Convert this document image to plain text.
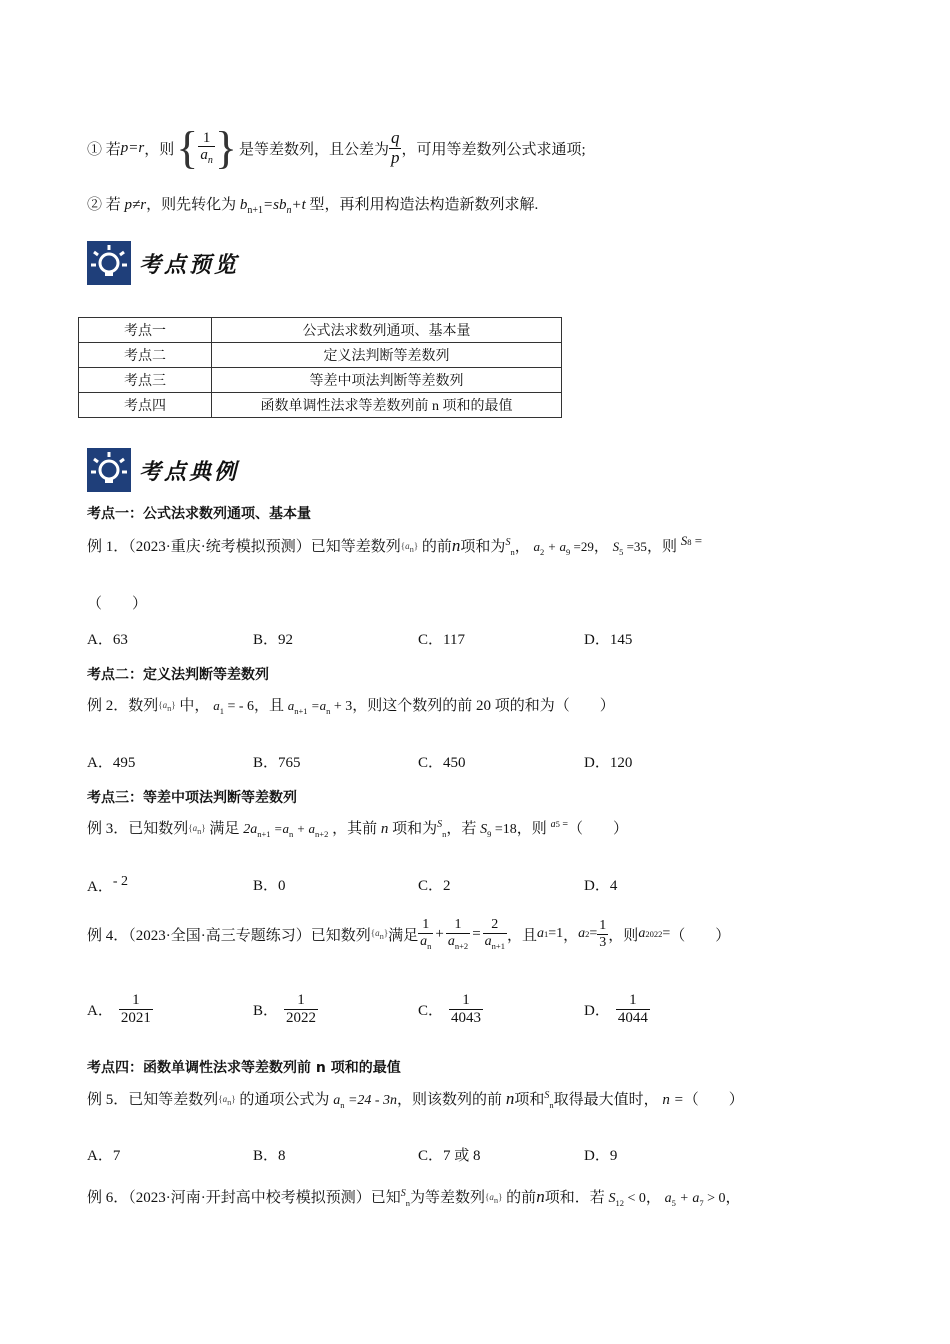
① 若 p=r ，则 { $\frac{1}{a_n}$ } 是等差数列，且公差为 $\frac{q}{p}$ ，可用等差数列公式求通项;
② 若 p≠r，则先转化为 $b_{n+1}=sb_n+t$ 型，再利用构造法构造新数列求解.
考点预览
考点一	公式法求数列通项、基本量
考点二	定义法判断等差数列
考点三	等差中项法判断等差数列
考点四	函数单调性法求等差数列前 n 项和的最值
考点典例
考点一：公式法求数列通项、基本量
例 1．（2023·重庆·统考模拟预测）已知等差数列$\{a_n\}$ 的前n项和为$^S_n$， $a_2 + a_9 =29$， $S_5 =35$，则 $S_8$ =
（　　）
A．63	B．92	C．117	D．145
考点二：定义法判断等差数列
例 2．数列$\{a_n\}$ 中， $a_1$ = - 6，且 $a_{n+1} =a_n + 3$，则这个数列的前 20 项的和为（　　）
A．495	B．765	C．450	D．120
考点三：等差中项法判断等差数列
例 3．已知数列$\{a_n\}$ 满足 $2a_{n+1} =a_n + a_{n+2}$ ，其前 n 项和为$^S_n$，若 $S_9 =18$，则 $^a_5$ =（　　）
A．- 2	B．0	C．2	D．4
例 4．（2023·全国·高三专题练习）已知数列 $\{a_n\}$ 满足 $\frac{1}{a_n} + \frac{1}{a_{n+2}} = \frac{2}{a_{n+1}}$ ，且 a 1 =1 ， a $2 = \frac{1}{3}$ ，则 a 2022 = （　　）
A． $\frac{1}{2021}$	B． $\frac{1}{2022}$	C． $\frac{1}{4043}$	D． $\frac{1}{4044}$
考点四：函数单调性法求等差数列前 n 项和的最值
例 5．已知等差数列$\{a_n\}$ 的通项公式为 $a_n =24 - 3n$，则该数列的前 n项和$^S_n$取得最大值时， n =（　　）
A．7	B．8	C．7 或 8	D．9
例 6．（2023·河南·开封高中校考模拟预测）已知$^S_n$为等差数列$\{a_n\}$ 的前n项和．若 $S_{12} < 0$， $a_5 + a_7 > 0$，
